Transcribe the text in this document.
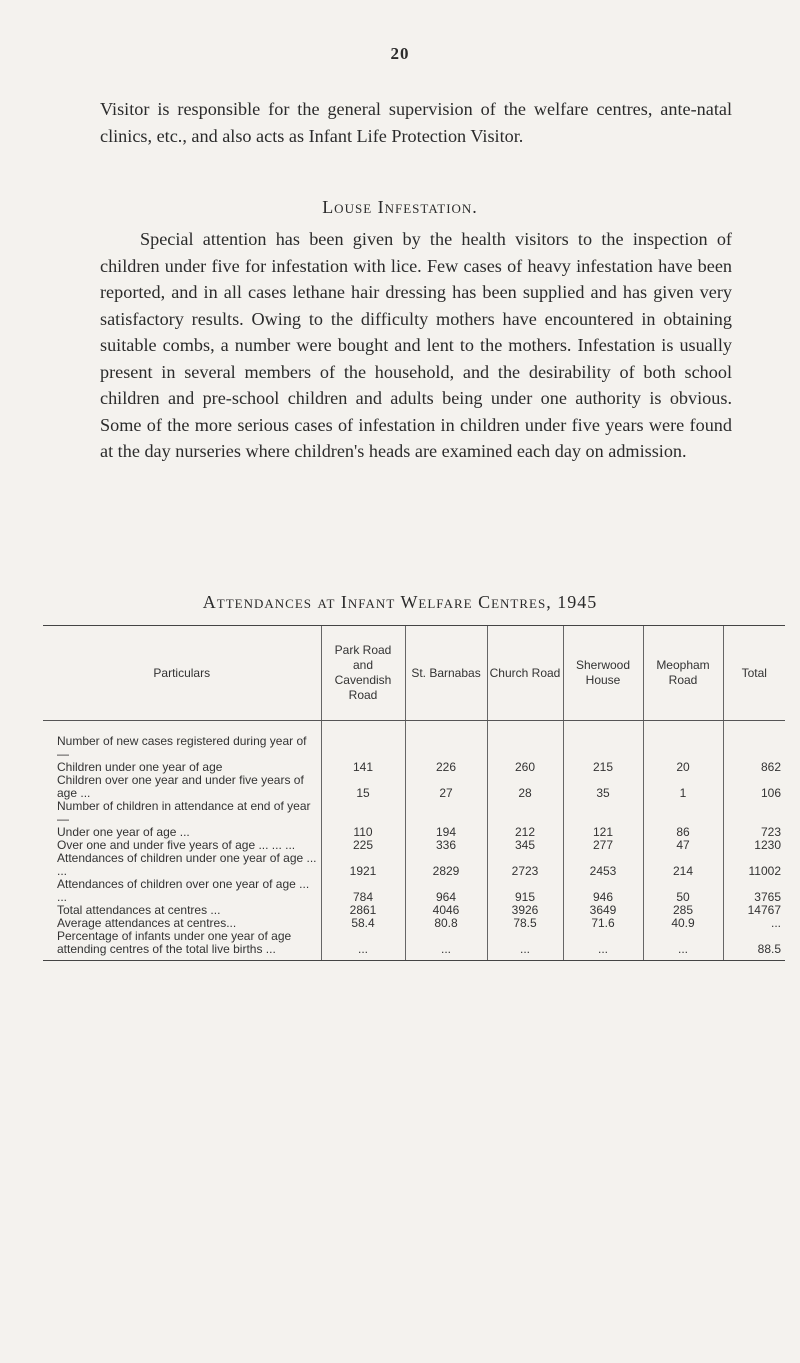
20
Visitor is responsible for the general supervision of the welfare centres, ante-natal clinics, etc., and also acts as Infant Life Protection Visitor.
Louse Infestation.
Special attention has been given by the health visitors to the inspection of children under five for infestation with lice. Few cases of heavy infestation have been reported, and in all cases lethane hair dressing has been supplied and has given very satisfactory results. Owing to the difficulty mothers have encountered in obtaining suitable combs, a number were bought and lent to the mothers. Infestation is usually present in several members of the household, and the desirability of both school children and pre-school children and adults being under one authority is obvious. Some of the more serious cases of infestation in children under five years were found at the day nurseries where children's heads are examined each day on admission.
Attendances at Infant Welfare Centres, 1945
Particulars	Park Road and Cavendish Road	St. Barnabas	Church Road	Sherwood House	Meopham Road	Total

Number of new cases registered during year of—						
Children under one year of age	141	226	260	215	20	862
Children over one year and under five years of age ...	15	27	28	35	1	106
Number of children in attendance at end of year—						
Under one year of age ...	110	194	212	121	86	723
Over one and under five years of age ... ... ...	225	336	345	277	47	1230
Attendances of children under one year of age ... ...	1921	2829	2723	2453	214	11002
Attendances of children over one year of age ... ...	784	964	915	946	50	3765
Total attendances at centres ...	2861	4046	3926	3649	285	14767
Average attendances at centres...	58.4	80.8	78.5	71.6	40.9	...
Percentage of infants under one year of age attending centres of the total live births ...	...	...	...	...	...	88.5
